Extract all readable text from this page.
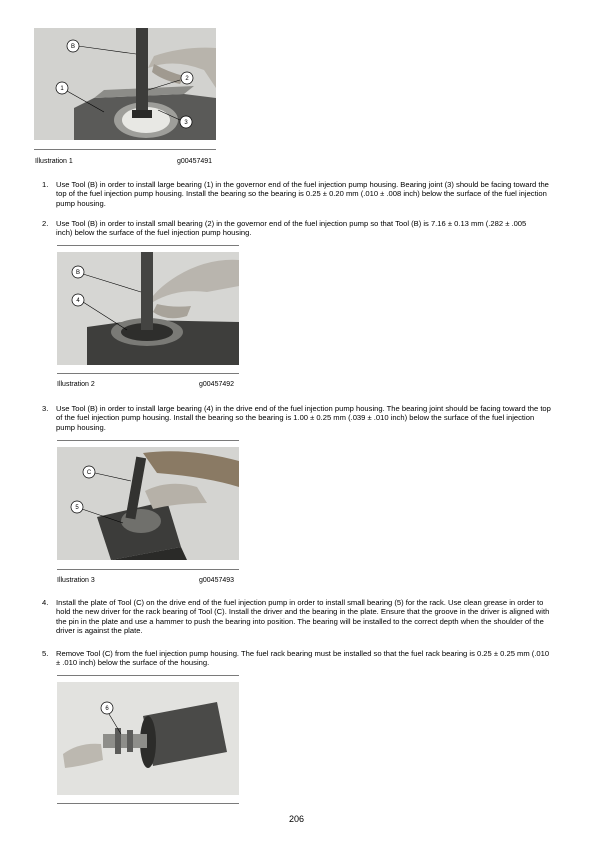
B
1
2
3
Illustration 1	g00457491
1. Use Tool (B) in order to install large bearing (1) in the governor end of the fuel injection pump housing. Bearing joint (3) should be facing toward the top of the fuel injection pump housing. Install the bearing so the bearing is 0.25 ± 0.20 mm (.010 ± .008 inch) below the surface of the fuel injection pump housing.
2. Use Tool (B) in order to install small bearing (2) in the governor end of the fuel injection pump so that Tool (B) is 7.16 ± 0.13 mm (.282 ± .005 inch) below the surface of the fuel injection pump housing.
B
4
Illustration 2	g00457492
3. Use Tool (B) in order to install large bearing (4) in the drive end of the fuel injection pump housing. The bearing joint should be facing toward the top of the fuel injection pump housing. Install the bearing so the bearing is 1.00 ± 0.25 mm (.039 ± .010 inch) below the surface of the fuel injection pump housing.
C
5
Illustration 3	g00457493
4. Install the plate of Tool (C) on the drive end of the fuel injection pump in order to install small bearing (5) for the rack. Use clean grease in order to hold the new driver for the rack bearing of Tool (C). Install the driver and the bearing in the plate. Ensure that the groove in the driver is aligned with the pin in the plate and use a hammer to push the bearing into position. The bearing will be installed to the correct depth when the shoulder of the driver is against the plate.
5. Remove Tool (C) from the fuel injection pump housing. The fuel rack bearing must be installed so that the fuel rack bearing is 0.25 ± 0.25 mm (.010 ± .010 inch) below the surface of the housing.
6
206
